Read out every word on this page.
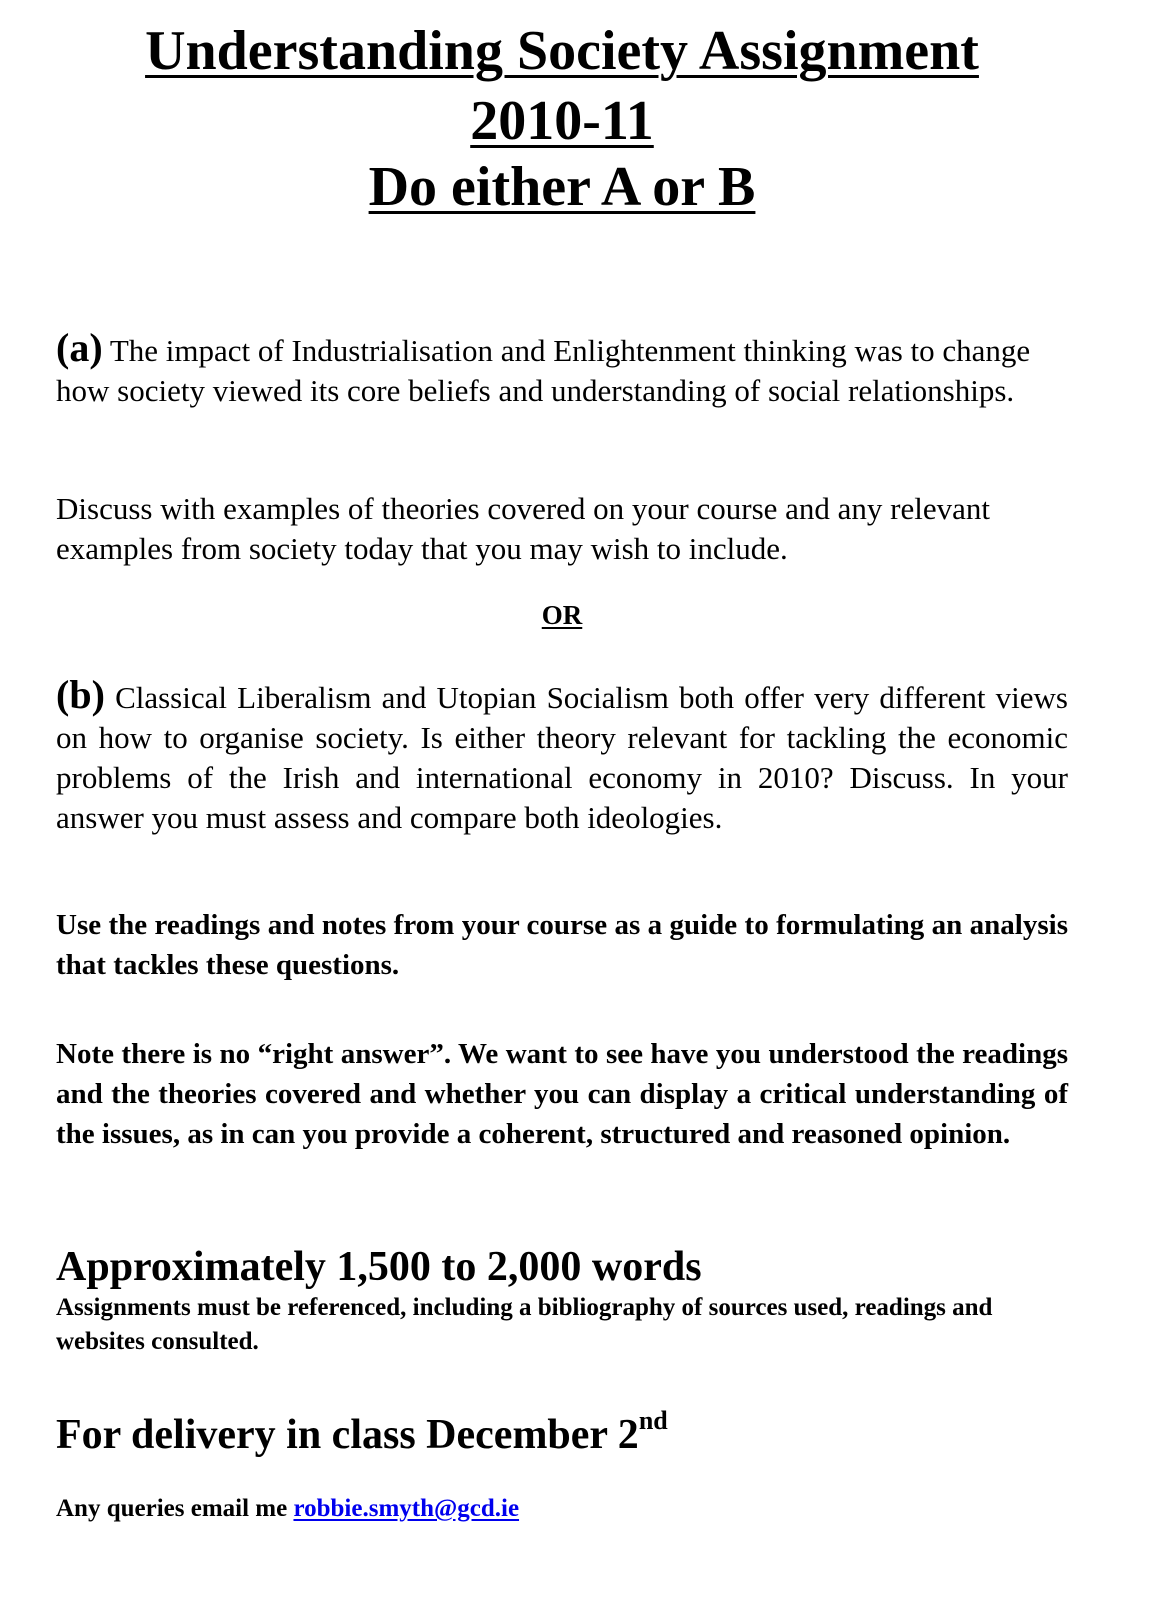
Understanding Society Assignment
2010-11
Do either A or B

(a) The impact of Industrialisation and Enlightenment thinking was to change how society viewed its core beliefs and understanding of social relationships.

Discuss with examples of theories covered on your course and any relevant examples from society today that you may wish to include.

OR

(b) Classical Liberalism and Utopian Socialism both offer very different views on how to organise society. Is either theory relevant for tackling the economic problems of the Irish and international economy in 2010? Discuss. In your answer you must assess and compare both ideologies.

Use the readings and notes from your course as a guide to formulating an analysis that tackles these questions.

Note there is no “right answer”. We want to see have you understood the readings and the theories covered and whether you can display a critical understanding of the issues, as in can you provide a coherent, structured and reasoned opinion.

Approximately 1,500 to 2,000 words

Assignments must be referenced, including a bibliography of sources used, readings and websites consulted.

For delivery in class December 2nd

Any queries email me robbie.smyth@gcd.ie
